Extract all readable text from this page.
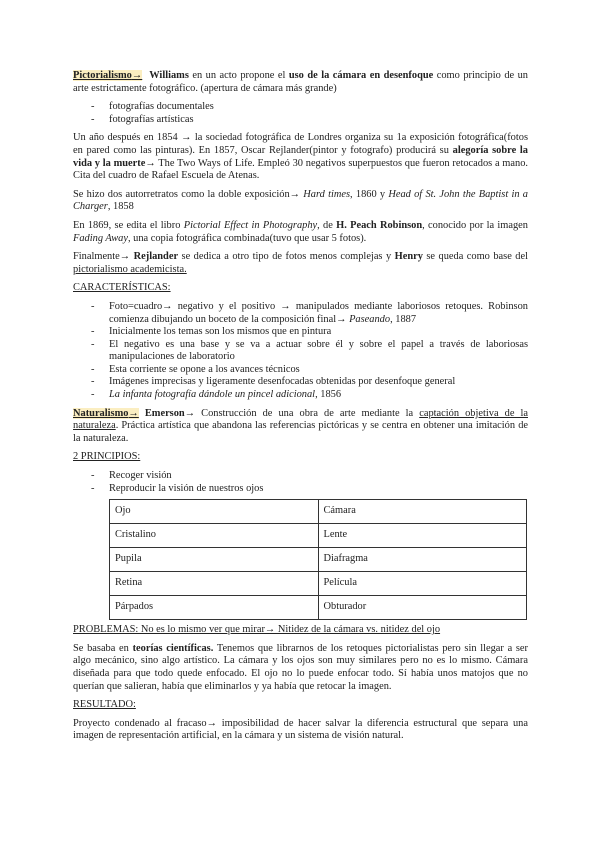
Pictorialismo→ Williams en un acto propone el uso de la cámara en desenfoque como principio de un arte estrictamente fotográfico. (apertura de cámara más grande)

- fotografías documentales
- fotografías artísticas

Un año después en 1854 → la sociedad fotográfica de Londres organiza su 1a exposición fotográfica(fotos en pared como las pinturas). En 1857, Oscar Rejlander(pintor y fotografo) producirá su alegoría sobre la vida y la muerte→ The Two Ways of Life. Empleó 30 negativos superpuestos que fueron retocados a mano. Cita del cuadro de Rafael Escuela de Atenas.

Se hizo dos autorretratos como la doble exposición→ Hard times, 1860 y Head of St. John the Baptist in a Charger, 1858

En 1869, se edita el libro Pictorial Effect in Photography, de H. Peach Robinson, conocido por la imagen Fading Away, una copia fotográfica combinada(tuvo que usar 5 fotos).

Finalmente→ Rejlander se dedica a otro tipo de fotos menos complejas y Henry se queda como base del pictorialismo academicista.

CARACTERÍSTICAS:
- Foto=cuadro→ negativo y el positivo → manipulados mediante laboriosos retoques. Robinson comienza dibujando un boceto de la composición final→ Paseando, 1887
- Inicialmente los temas son los mismos que en pintura
- El negativo es una base y se va a actuar sobre él y sobre el papel a través de laboriosas manipulaciones de laboratorio
- Esta corriente se opone a los avances técnicos
- Imágenes imprecisas y ligeramente desenfocadas obtenidas por desenfoque general
- La infanta fotografía dándole un pincel adicional, 1856

Naturalismo→ Emerson→ Construcción de una obra de arte mediante la captación objetiva de la naturaleza. Práctica artística que abandona las referencias pictóricas y se centra en obtener una imitación de la naturaleza.

2 PRINCIPIOS:
- Recoger visión
- Reproducir la visión de nuestros ojos
Ojo	Cámara
Cristalino	Lente
Pupila	Diafragma
Retina	Película
Párpados	Obturador
PROBLEMAS: No es lo mismo ver que mirar→ Nitidez de la cámara vs. nitidez del ojo

Se basaba en teorías científicas. Tenemos que librarnos de los retoques pictorialistas pero sin llegar a ser algo mecánico, sino algo artístico. La cámara y los ojos son muy similares pero no es lo mismo. Cámara diseñada para que todo quede enfocado. El ojo no lo puede enfocar todo. Sí había unos matojos que no querían que salieran, había que eliminarlos y ya había que retocar la imagen.

RESULTADO:

Proyecto condenado al fracaso→ imposibilidad de hacer salvar la diferencia estructural que separa una imagen de representación artificial, en la cámara y un sistema de visión natural.
